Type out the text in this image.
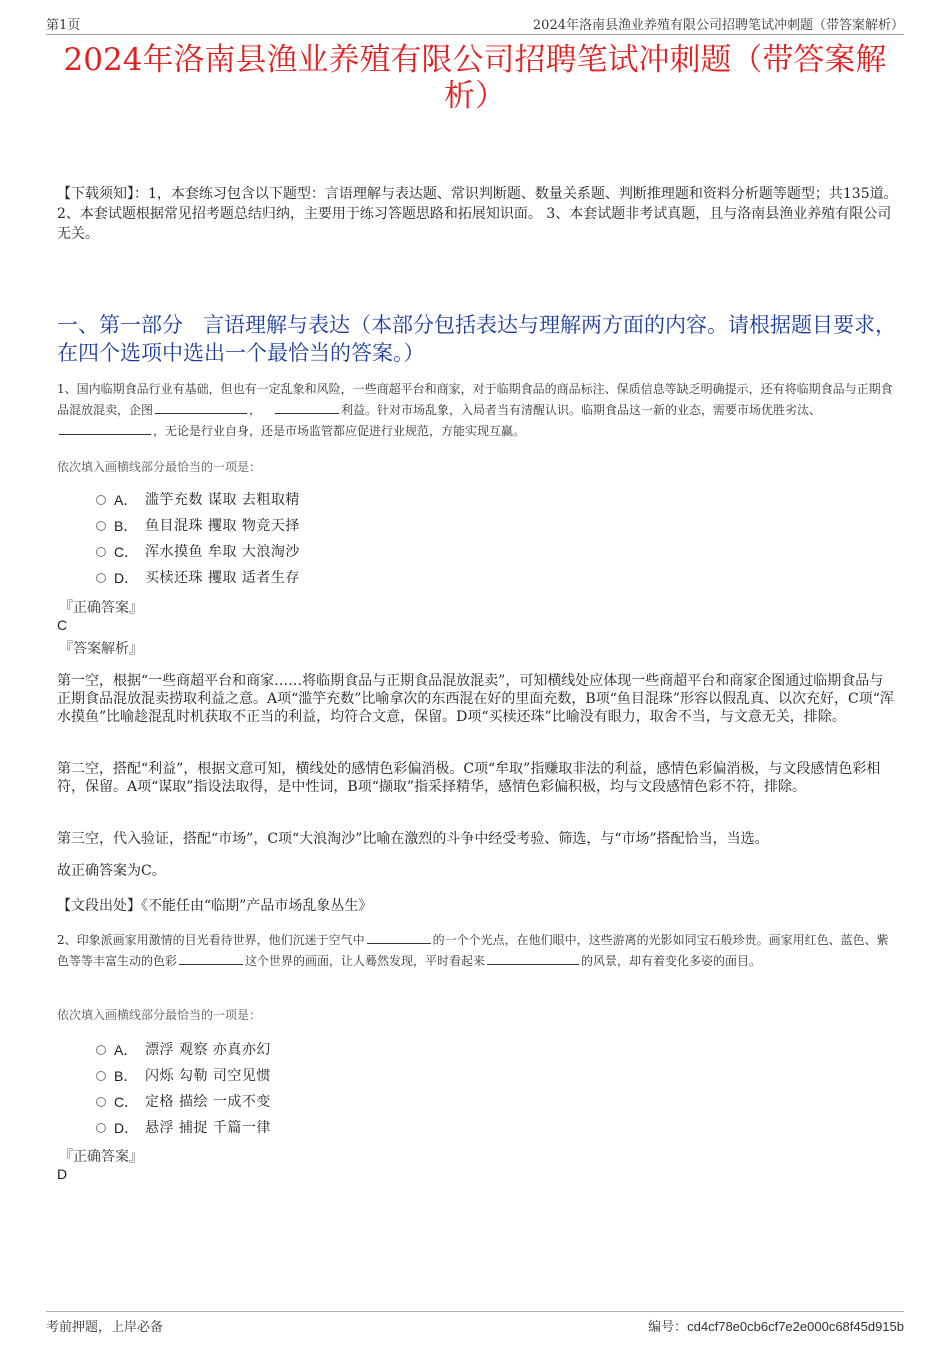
第1页	2024年洛南县渔业养殖有限公司招聘笔试冲刺题（带答案解析）
2024年洛南县渔业养殖有限公司招聘笔试冲刺题（带答案解
析）
【下载须知】：1，本套练习包含以下题型：言语理解与表达题、常识判断题、数量关系题、判断推理题和资料分析题等题型；共135道。 2、本套试题根据常见招考题总结归纳，主要用于练习答题思路和拓展知识面。 3、本套试题非考试真题，且与洛南县渔业养殖有限公司无关。
一、第一部分 言语理解与表达（本部分包括表达与理解两方面的内容。请根据题目要求，在四个选项中选出一个最恰当的答案。）
1、国内临期食品行业有基础，但也有一定乱象和风险，一些商超平台和商家，对于临期食品的商品标注、保质信息等缺乏明确提示，还有将临期食品与正期食品混放混卖，企图	，	利益。针对市场乱象，入局者当有清醒认识。临期食品这一新的业态，需要市场优胜劣汰、，无论是行业自身，还是市场监管都应促进行业规范，方能实现互赢。
依次填入画横线部分最恰当的一项是：
A． 滥竽充数 谋取 去粗取精
B． 鱼目混珠 攫取 物竞天择
C． 浑水摸鱼 牟取 大浪淘沙
D． 买椟还珠 攫取 适者生存
『正确答案』
C
『答案解析』

第一空，根据“一些商超平台和商家……将临期食品与正期食品混放混卖”，可知横线处应体现一些商超平台和商家企图通过临期食品与正期食品混放混卖捞取利益之意。A项“滥竽充数”比喻拿次的东西混在好的里面充数，B项“鱼目混珠”形容以假乱真、以次充好，C项“浑水摸鱼”比喻趁混乱时机获取不正当的利益，均符合文意，保留。D项“买椟还珠”比喻没有眼力，取舍不当，与文意无关，排除。

第二空，搭配“利益”，根据文意可知，横线处的感情色彩偏消极。C项“牟取”指赚取非法的利益，感情色彩偏消极，与文段感情色彩相符，保留。A项“谋取”指设法取得，是中性词，B项“撷取”指采择精华，感情色彩偏积极，均与文段感情色彩不符，排除。

第三空，代入验证，搭配“市场”，C项“大浪淘沙”比喻在激烈的斗争中经受考验、筛选，与“市场”搭配恰当，当选。

故正确答案为C。

【文段出处】《不能任由“临期”产品市场乱象丛生》

2、印象派画家用激情的目光看待世界，他们沉迷于空气中	的一个个光点，在他们眼中，这些游离的光影如同宝石般珍贵。画家用红色、蓝色、紫色等等丰富生动的色彩	这个世界的画面，让人蓦然发现，平时看起来	的风景，却有着变化多姿的面目。
依次填入画横线部分最恰当的一项是：
A． 漂浮 观察 亦真亦幻
B． 闪烁 勾勒 司空见惯
C． 定格 描绘 一成不变
D． 悬浮 捕捉 千篇一律
『正确答案』
D
考前押题，上岸必备	编号：cd4cf78e0cb6cf7e2e000c68f45d915b
